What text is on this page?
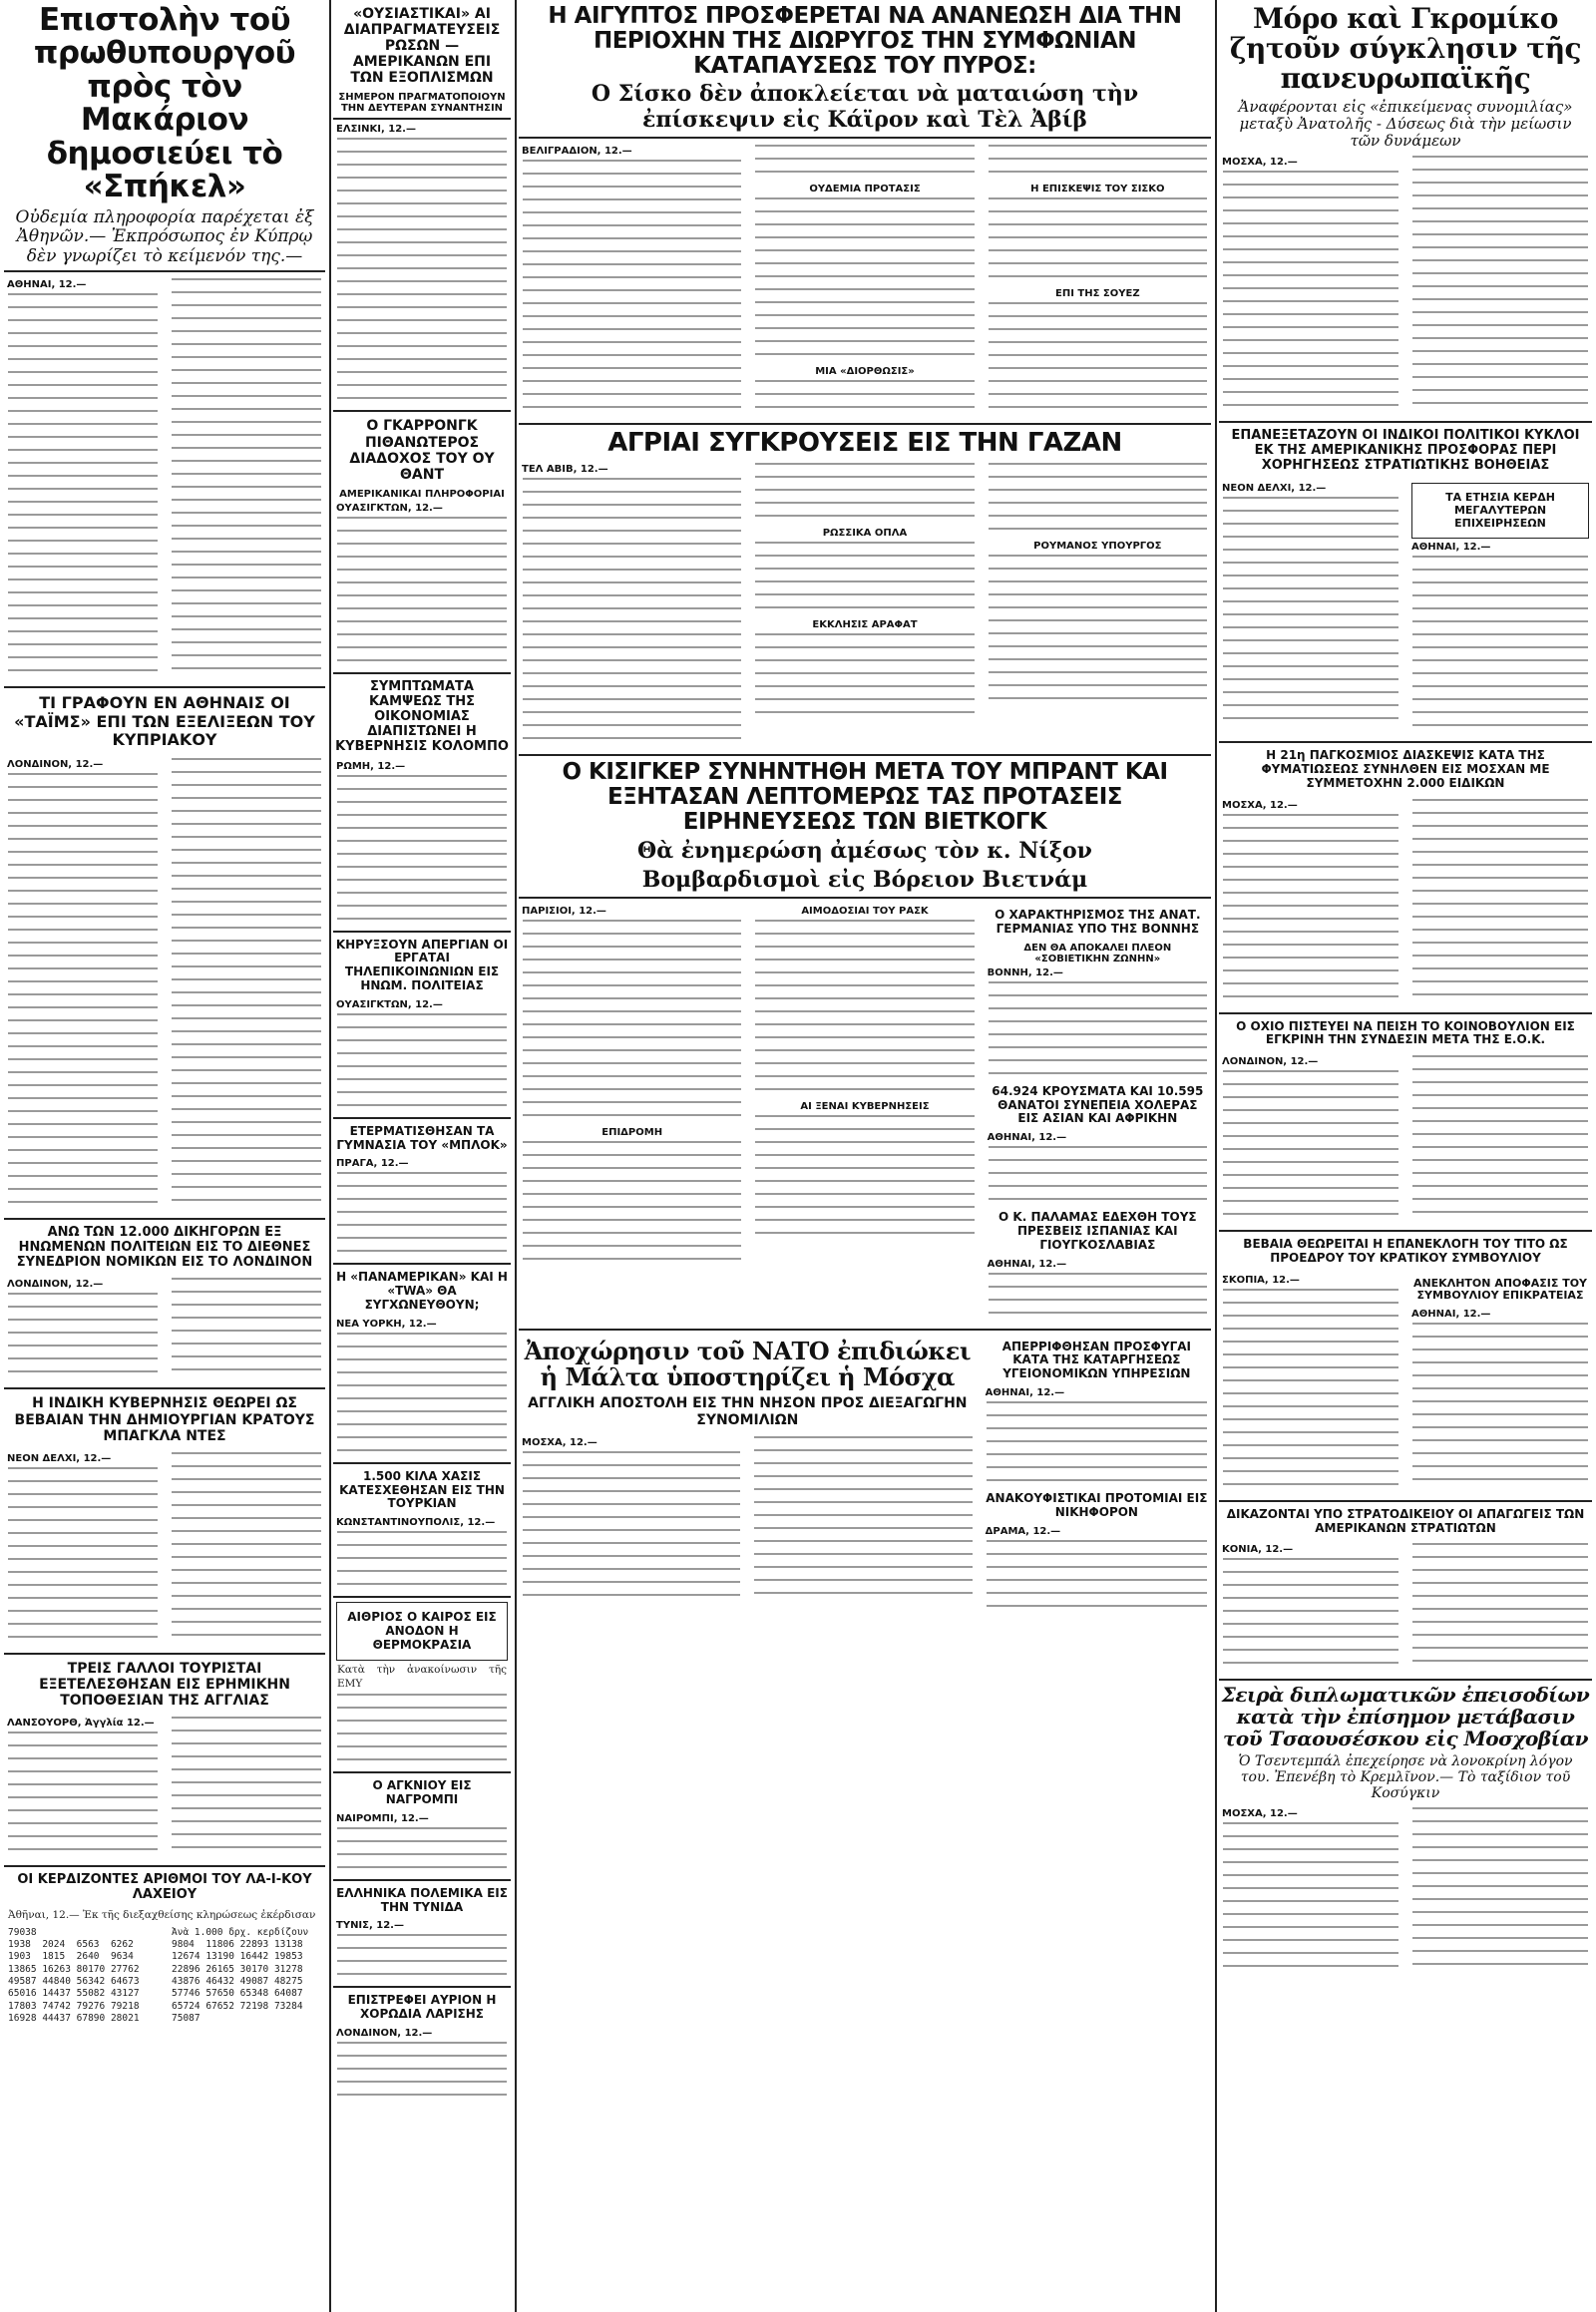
Επιστολὴν τοῦ πρωθυπουργοῦ πρὸς τὸν Μακάριον δημοσιεύει τὸ «Σπήκελ»
Οὐδεμία πληροφορία παρέχεται ἐξ Ἀθηνῶν.— Ἐκπρόσωπος ἐν Κύπρῳ δὲν γνωρίζει τὸ κείμενόν της.—
ΑΘΗΝΑΙ, 12.—
ΤΙ ΓΡΑΦΟΥΝ ΕΝ ΑΘΗΝΑΙΣ ΟΙ «ΤΑΪΜΣ» ΕΠΙ ΤΩΝ ΕΞΕΛΙΞΕΩΝ ΤΟΥ ΚΥΠΡΙΑΚΟΥ
ΛΟΝΔΙΝΟΝ, 12.—
ΑΝΩ ΤΩΝ 12.000 ΔΙΚΗΓΟΡΩΝ ΕΞ ΗΝΩΜΕΝΩΝ ΠΟΛΙΤΕΙΩΝ ΕΙΣ ΤΟ ΔΙΕΘΝΕΣ ΣΥΝΕΔΡΙΟΝ ΝΟΜΙΚΩΝ ΕΙΣ ΤΟ ΛΟΝΔΙΝΟΝ
ΛΟΝΔΙΝΟΝ, 12.—
Η ΙΝΔΙΚΗ ΚΥΒΕΡΝΗΣΙΣ ΘΕΩΡΕΙ ΩΣ ΒΕΒΑΙΑΝ ΤΗΝ ΔΗΜΙΟΥΡΓΙΑΝ ΚΡΑΤΟΥΣ ΜΠΑΓΚΛΑ ΝΤΕΣ
ΝΕΟΝ ΔΕΛΧΙ, 12.—
ΤΡΕΙΣ ΓΑΛΛΟΙ ΤΟΥΡΙΣΤΑΙ ΕΞΕΤΕΛΕΣΘΗΣΑΝ ΕΙΣ ΕΡΗΜΙΚΗΝ ΤΟΠΟΘΕΣΙΑΝ ΤΗΣ ΑΓΓΛΙΑΣ
ΛΑΝΣΟΥΟΡΘ, Ἀγγλία 12.—
ΟΙ ΚΕΡΔΙΖΟΝΤΕΣ ΑΡΙΘΜΟΙ ΤΟΥ ΛΑ-Ι-ΚΟΥ ΛΑΧΕΙΟΥ
Ἀθῆναι, 12.— Ἐκ τῆς διεξαχθείσης κληρώσεως ἐκέρδισαν
79038
1938  2024  6563  6262
1903  1815  2640  9634
13865 16263 80170 27762
49587 44840 56342 64673
65016 14437 55082 43127
17803 74742 79276 79218
16928 44437 67890 28021
Ἀνὰ 1.000 δρχ. κερδίζουν
9804  11806 22893 13138
12674 13190 16442 19853
22896 26165 30170 31278
43876 46432 49087 48275
57746 57650 65348 64087
65724 67652 72198 73284
75087
«ΟΥΣΙΑΣΤΙΚΑΙ» ΑΙ ΔΙΑΠΡΑΓΜΑΤΕΥΣΕΙΣ ΡΩΣΩΝ — ΑΜΕΡΙΚΑΝΩΝ ΕΠΙ ΤΩΝ ΕΞΟΠΛΙΣΜΩΝ
ΣΗΜΕΡΟΝ ΠΡΑΓΜΑΤΟΠΟΙΟΥΝ ΤΗΝ ΔΕΥΤΕΡΑΝ ΣΥΝΑΝΤΗΣΙΝ
ΕΛΣΙΝΚΙ, 12.—
Ο ΓΚΑΡΡΟΝΓΚ ΠΙΘΑΝΩΤΕΡΟΣ ΔΙΑΔΟΧΟΣ ΤΟΥ ΟΥ ΘΑΝΤ
ΑΜΕΡΙΚΑΝΙΚΑΙ ΠΛΗΡΟΦΟΡΙΑΙ
ΟΥΑΣΙΓΚΤΩΝ, 12.—
ΣΥΜΠΤΩΜΑΤΑ ΚΑΜΨΕΩΣ ΤΗΣ ΟΙΚΟΝΟΜΙΑΣ ΔΙΑΠΙΣΤΩΝΕΙ Η ΚΥΒΕΡΝΗΣΙΣ ΚΟΛΟΜΠΟ
ΡΩΜΗ, 12.—
ΚΗΡΥΞΣΟΥΝ ΑΠΕΡΓΙΑΝ ΟΙ ΕΡΓΑΤΑΙ ΤΗΛΕΠΙΚΟΙΝΩΝΙΩΝ ΕΙΣ ΗΝΩΜ. ΠΟΛΙΤΕΙΑΣ
ΟΥΑΣΙΓΚΤΩΝ, 12.—
ΕΤΕΡΜΑΤΙΣΘΗΣΑΝ ΤΑ ΓΥΜΝΑΣΙΑ ΤΟΥ «ΜΠΛΟΚ»
ΠΡΑΓΑ, 12.—
Η «ΠΑΝΑΜΕΡΙΚΑΝ» ΚΑΙ Η «TWA» ΘΑ ΣΥΓΧΩΝΕΥΘΟΥΝ;
ΝΕΑ ΥΟΡΚΗ, 12.—
1.500 ΚΙΛΑ ΧΑΣΙΣ ΚΑΤΕΣΧΕΘΗΣΑΝ ΕΙΣ ΤΗΝ ΤΟΥΡΚΙΑΝ
ΚΩΝΣΤΑΝΤΙΝΟΥΠΟΛΙΣ, 12.—
ΑΙΘΡΙΟΣ Ο ΚΑΙΡΟΣ ΕΙΣ ΑΝΟΔΟΝ Η ΘΕΡΜΟΚΡΑΣΙΑ
Κατὰ τὴν ἀνακοίνωσιν τῆς ΕΜΥ
Ο ΑΓΚΝΙΟΥ ΕΙΣ ΝΑΓΡΟΜΠΙ
ΝΑΙΡΟΜΠΙ, 12.—
ΕΛΛΗΝΙΚΑ ΠΟΛΕΜΙΚΑ ΕΙΣ ΤΗΝ ΤΥΝΙΔΑ
ΤΥΝΙΣ, 12.—
ΕΠΙΣΤΡΕΦΕΙ ΑΥΡΙΟΝ Η ΧΟΡΩΔΙΑ ΛΑΡΙΣΗΣ
ΛΟΝΔΙΝΟΝ, 12.—
Η ΑΙΓΥΠΤΟΣ ΠΡΟΣΦΕΡΕΤΑΙ ΝΑ ΑΝΑΝΕΩΣΗ ΔΙΑ ΤΗΝ ΠΕΡΙΟΧΗΝ ΤΗΣ ΔΙΩΡΥΓΟΣ ΤΗΝ ΣΥΜΦΩΝΙΑΝ ΚΑΤΑΠΑΥΣΕΩΣ ΤΟΥ ΠΥΡΟΣ:
Ο Σίσκο δὲν ἀποκλείεται νὰ ματαιώση τὴν ἐπίσκεψιν εἰς Κάϊρον καὶ Τὲλ Ἀβίβ
ΒΕΛΙΓΡΑΔΙΟΝ, 12.—
ΟΥΔΕΜΙΑ ΠΡΟΤΑΣΙΣ
ΜΙΑ «ΔΙΟΡΘΩΣΙΣ»
Η ΕΠΙΣΚΕΨΙΣ ΤΟΥ ΣΙΣΚΟ
ΕΠΙ ΤΗΣ ΣΟΥΕΖ
ΑΓΡΙΑΙ ΣΥΓΚΡΟΥΣΕΙΣ ΕΙΣ ΤΗΝ ΓΑΖΑΝ
ΤΕΛ ΑΒΙΒ, 12.—
ΡΩΣΣΙΚΑ ΟΠΛΑ
ΕΚΚΛΗΣΙΣ ΑΡΑΦΑΤ
ΡΟΥΜΑΝΟΣ ΥΠΟΥΡΓΟΣ
Ο ΚΙΣΙΓΚΕΡ ΣΥΝΗΝΤΗΘΗ ΜΕΤΑ ΤΟΥ ΜΠΡΑΝΤ ΚΑΙ ΕΞΗΤΑΣΑΝ ΛΕΠΤΟΜΕΡΩΣ ΤΑΣ ΠΡΟΤΑΣΕΙΣ ΕΙΡΗΝΕΥΣΕΩΣ ΤΩΝ ΒΙΕΤΚΟΓΚ
Θὰ ἐνημερώση ἀμέσως τὸν κ. Νίξον
Βομβαρδισμοὶ εἰς Βόρειον Βιετνάμ
ΠΑΡΙΣΙΟΙ, 12.—
ΕΠΙΔΡΟΜΗ
ΑΙΜΟΔΟΣΙΑΙ ΤΟΥ ΡΑΣΚ
ΑΙ ΞΕΝΑΙ ΚΥΒΕΡΝΗΣΕΙΣ
Ο ΧΑΡΑΚΤΗΡΙΣΜΟΣ ΤΗΣ ΑΝΑΤ. ΓΕΡΜΑΝΙΑΣ ΥΠΟ ΤΗΣ ΒΟΝΝΗΣ
ΔΕΝ ΘΑ ΑΠΟΚΑΛΕΙ ΠΛΕΟΝ «ΣΟΒΙΕΤΙΚΗΝ ΖΩΝΗΝ»
ΒΟΝΝΗ, 12.—
64.924 ΚΡΟΥΣΜΑΤΑ ΚΑΙ 10.595 ΘΑΝΑΤΟΙ ΣΥΝΕΠΕΙΑ ΧΟΛΕΡΑΣ ΕΙΣ ΑΣΙΑΝ ΚΑΙ ΑΦΡΙΚΗΝ
ΑΘΗΝΑΙ, 12.—
Ο Κ. ΠΑΛΑΜΑΣ ΕΔΕΧΘΗ ΤΟΥΣ ΠΡΕΣΒΕΙΣ ΙΣΠΑΝΙΑΣ ΚΑΙ ΓΙΟΥΓΚΟΣΛΑΒΙΑΣ
ΑΘΗΝΑΙ, 12.—
Ἀποχώρησιν τοῦ ΝΑΤΟ ἐπιδιώκει ἡ Μάλτα ὑποστηρίζει ἡ Μόσχα
ΑΓΓΛΙΚΗ ΑΠΟΣΤΟΛΗ ΕΙΣ ΤΗΝ ΝΗΣΟΝ ΠΡΟΣ ΔΙΕΞΑΓΩΓΗΝ ΣΥΝΟΜΙΛΙΩΝ
ΜΟΣΧΑ, 12.—
ΑΠΕΡΡΙΦΘΗΣΑΝ ΠΡΟΣΦΥΓΑΙ ΚΑΤΑ ΤΗΣ ΚΑΤΑΡΓΗΣΕΩΣ ΥΓΕΙΟΝΟΜΙΚΩΝ ΥΠΗΡΕΣΙΩΝ
ΑΘΗΝΑΙ, 12.—
ΑΝΑΚΟΥΦΙΣΤΙΚΑΙ ΠΡΟΤΟΜΙΑΙ ΕΙΣ ΝΙΚΗΦΟΡΟΝ
ΔΡΑΜΑ, 12.—
Μόρο καὶ Γκρομίκο ζητοῦν σύγκλησιν τῆς πανευρωπαϊκῆς
Ἀναφέρονται εἰς «ἐπικείμενας συνομιλίας» μεταξὺ Ἀνατολῆς - Δύσεως διὰ τὴν μείωσιν τῶν δυνάμεων
ΜΟΣΧΑ, 12.—
ΕΠΑΝΕΞΕΤΑΖΟΥΝ ΟΙ ΙΝΔΙΚΟΙ ΠΟΛΙΤΙΚΟΙ ΚΥΚΛΟΙ ΕΚ ΤΗΣ ΑΜΕΡΙΚΑΝΙΚΗΣ ΠΡΟΣΦΟΡΑΣ ΠΕΡΙ ΧΟΡΗΓΗΣΕΩΣ ΣΤΡΑΤΙΩΤΙΚΗΣ ΒΟΗΘΕΙΑΣ
ΝΕΟΝ ΔΕΛΧΙ, 12.—
ΤΑ ΕΤΗΣΙΑ ΚΕΡΔΗ ΜΕΓΑΛΥΤΕΡΩΝ ΕΠΙΧΕΙΡΗΣΕΩΝ
ΑΘΗΝΑΙ, 12.—
Η 21η ΠΑΓΚΟΣΜΙΟΣ ΔΙΑΣΚΕΨΙΣ ΚΑΤΑ ΤΗΣ ΦΥΜΑΤΙΩΣΕΩΣ ΣΥΝΗΛΘΕΝ ΕΙΣ ΜΟΣΧΑΝ ΜΕ ΣΥΜΜΕΤΟΧΗΝ 2.000 ΕΙΔΙΚΩΝ
ΜΟΣΧΑ, 12.—
Ο ΟΧΙΟ ΠΙΣΤΕΥΕΙ ΝΑ ΠΕΙΣΗ ΤΟ ΚΟΙΝΟΒΟΥΛΙΟΝ ΕΙΣ ΕΓΚΡΙΝΗ ΤΗΝ ΣΥΝΔΕΣΙΝ ΜΕΤΑ ΤΗΣ Ε.Ο.Κ.
ΛΟΝΔΙΝΟΝ, 12.—
ΒΕΒΑΙΑ ΘΕΩΡΕΙΤΑΙ Η ΕΠΑΝΕΚΛΟΓΗ ΤΟΥ ΤΙΤΟ ΩΣ ΠΡΟΕΔΡΟΥ ΤΟΥ ΚΡΑΤΙΚΟΥ ΣΥΜΒΟΥΛΙΟΥ
ΣΚΟΠΙΑ, 12.—	ΑΝΕΚΛΗΤΟΝ ΑΠΟΦΑΣΙΣ ΤΟΥ ΣΥΜΒΟΥΛΙΟΥ ΕΠΙΚΡΑΤΕΙΑΣ
ΑΘΗΝΑΙ, 12.—
ΔΙΚΑΖΟΝΤΑΙ ΥΠΟ ΣΤΡΑΤΟΔΙΚΕΙΟΥ ΟΙ ΑΠΑΓΩΓΕΙΣ ΤΩΝ ΑΜΕΡΙΚΑΝΩΝ ΣΤΡΑΤΙΩΤΩΝ
ΚΟΝΙΑ, 12.—
Σειρὰ διπλωματικῶν ἐπεισοδίων κατὰ τὴν ἐπίσημον μετάβασιν τοῦ Τσαουσέσκου εἰς Μοσχοβίαν
Ὁ Τσεντεμπάλ ἐπεχείρησε νὰ λονοκρίνη λόγον του. Ἐπενέβη τὸ Κρεμλῖνον.— Τὸ ταξίδιον τοῦ Κοσύγκιν
ΜΟΣΧΑ, 12.—
